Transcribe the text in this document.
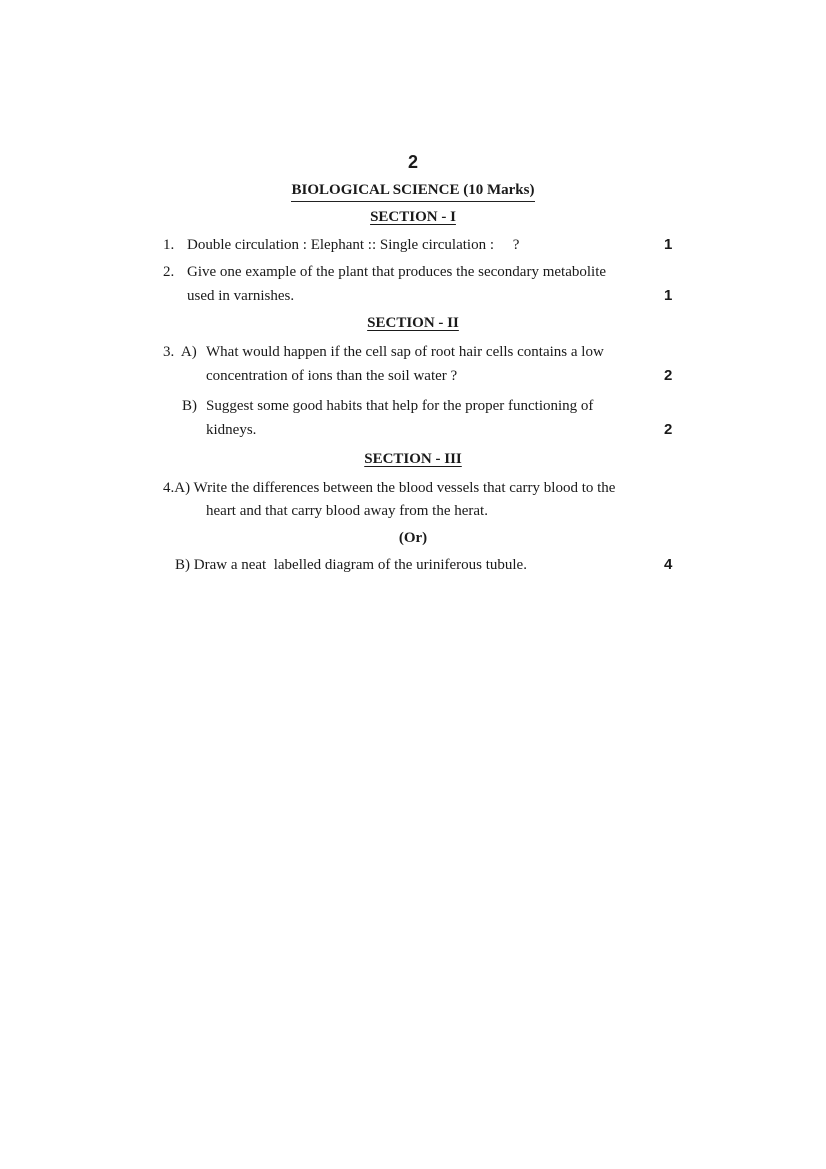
2
BIOLOGICAL SCIENCE (10 Marks)
SECTION - I
1. Double circulation : Elephant :: Single circulation :     ?	1
2. Give one example of the plant that produces the secondary metabolite
used in varnishes.	1
SECTION - II
3.  A) What would happen if the cell sap of root hair cells contains a low
concentration of ions than the soil water ?	2
B) Suggest some good habits that help for the proper functioning of
kidneys.	2
SECTION - III
4.A) Write the differences between the blood vessels that carry blood to the
heart and that carry blood away from the herat.
(Or)
B) Draw a neat  labelled diagram of the uriniferous tubule.	4
